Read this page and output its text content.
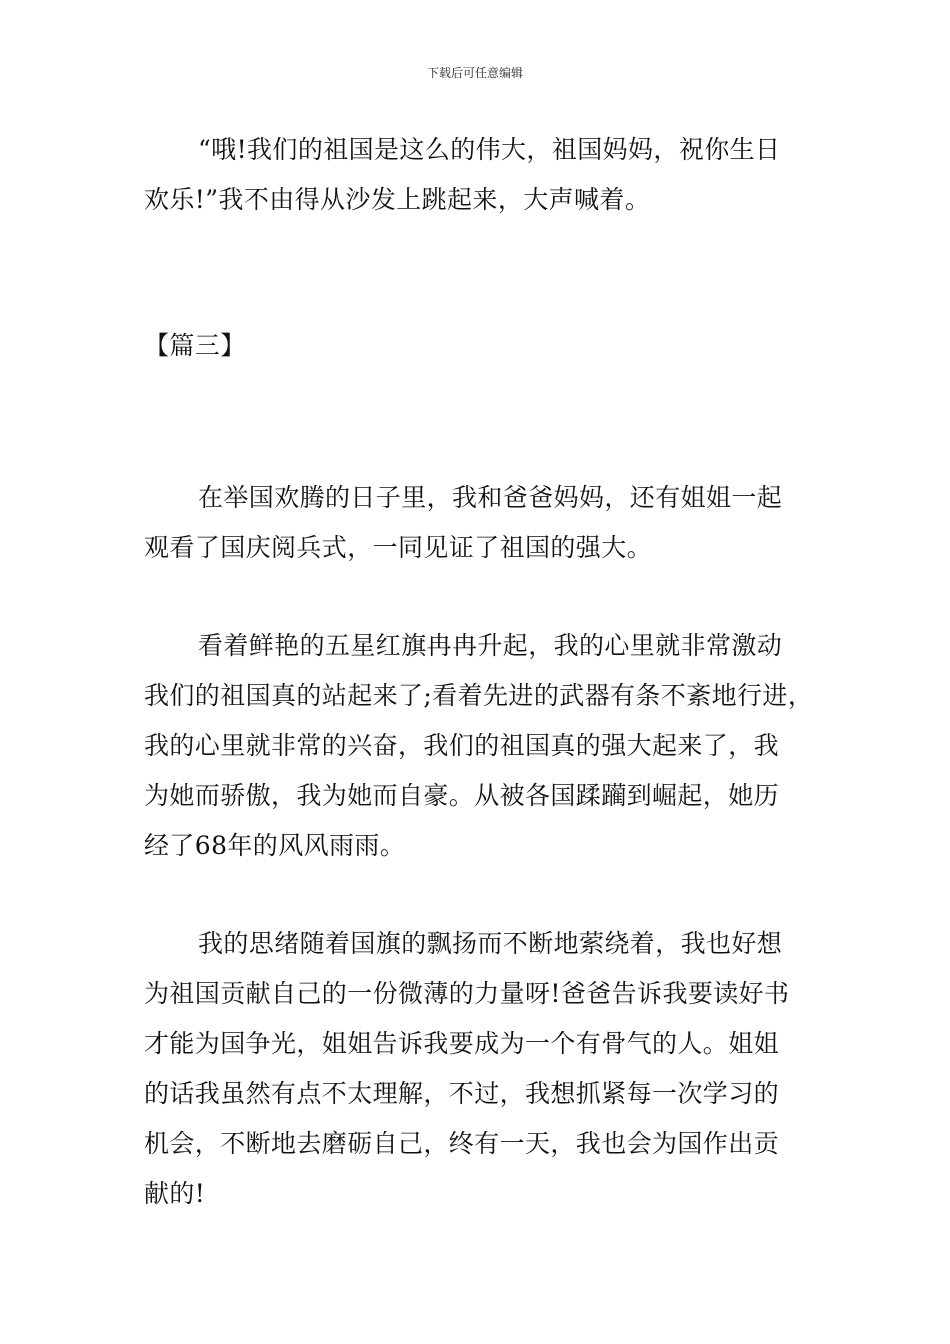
下载后可任意编辑
“哦!我们的祖国是这么的伟大，祖国妈妈，祝你生日
欢乐!”我不由得从沙发上跳起来，大声喊着。
【篇三】
在举国欢腾的日子里，我和爸爸妈妈，还有姐姐一起
观看了国庆阅兵式，一同见证了祖国的强大。
看着鲜艳的五星红旗冉冉升起，我的心里就非常激动
我们的祖国真的站起来了;看着先进的武器有条不紊地行进，
我的心里就非常的兴奋，我们的祖国真的强大起来了，我
为她而骄傲，我为她而自豪。从被各国蹂躏到崛起，她历
经了68年的风风雨雨。
我的思绪随着国旗的飘扬而不断地萦绕着，我也好想
为祖国贡献自己的一份微薄的力量呀!爸爸告诉我要读好书
才能为国争光，姐姐告诉我要成为一个有骨气的人。姐姐
的话我虽然有点不太理解，不过，我想抓紧每一次学习的
机会，不断地去磨砺自己，终有一天，我也会为国作出贡
献的!
